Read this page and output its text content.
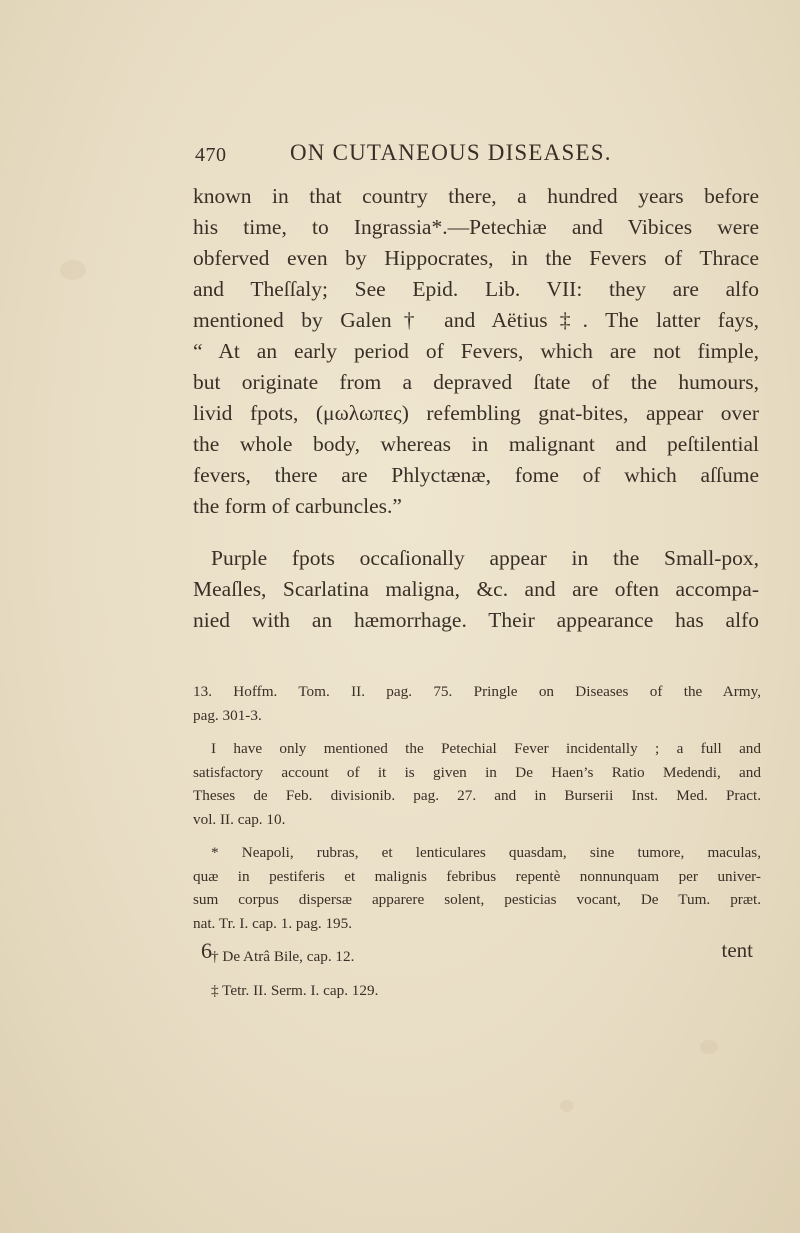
470	ON CUTANEOUS DISEASES.
known in that country there, a hundred years before
his time, to Ingrassia*.—Petechiæ and Vibices were
obferved even by Hippocrates, in the Fevers of Thrace
and Theſſaly; See Epid. Lib. VII: they are alfo
mentioned by Galen† and Aëtius‡. The latter fays,
“ At an early period of Fevers, which are not fimple,
but originate from a depraved ſtate of the humours,
livid fpots, (μωλωπες) refembling gnat-bites, appear over
the whole body, whereas in malignant and peſtilential
fevers, there are Phlyctænæ, fome of which aſſume
the form of carbuncles.”
Purple fpots occaſionally appear in the Small-pox,
Meaſles, Scarlatina maligna, &c. and are often accompa-
nied with an hæmorrhage. Their appearance has alfo
13. Hoffm. Tom. II. pag. 75. Pringle on Diseases of the Army,
pag. 301-3.
I have only mentioned the Petechial Fever incidentally ; a full and
satisfactory account of it is given in De Haen’s Ratio Medendi, and
Theses de Feb. divisionib. pag. 27. and in Burserii Inst. Med. Pract.
vol. II. cap. 10.
* Neapoli, rubras, et lenticulares quasdam, sine tumore, maculas,
quæ in pestiferis et malignis febribus repentè nonnunquam per univer-
sum corpus dispersæ apparere solent, pesticias vocant, De Tum. præt.
nat. Tr. I. cap. 1. pag. 195.
† De Atrâ Bile, cap. 12.
‡ Tetr. II. Serm. I. cap. 129.
6	tent
